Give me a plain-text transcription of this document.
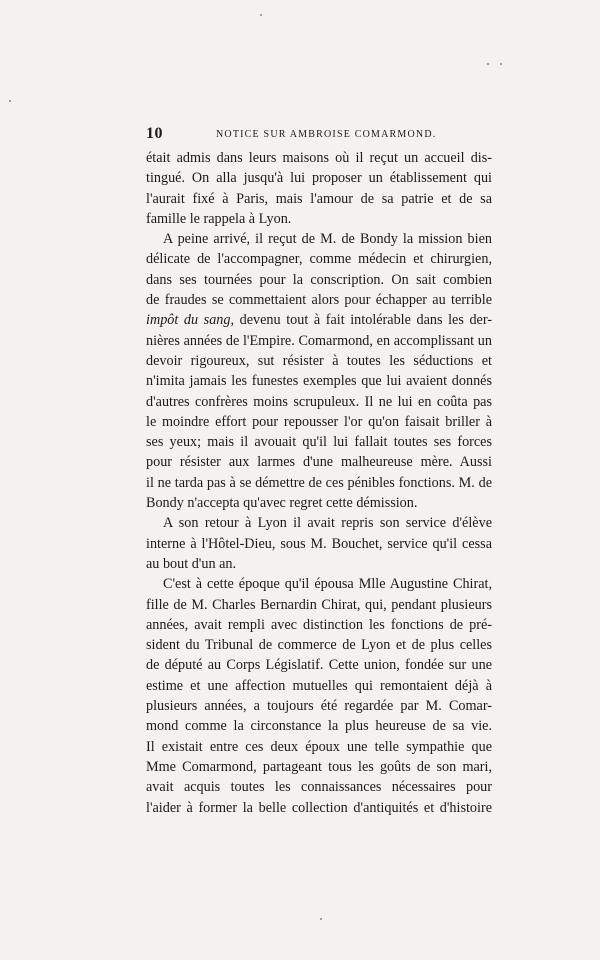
10	NOTICE SUR AMBROISE COMARMOND.
était admis dans leurs maisons où il reçut un accueil dis-
tingué. On alla jusqu'à lui proposer un établissement qui
l'aurait fixé à Paris, mais l'amour de sa patrie et de sa
famille le rappela à Lyon.
A peine arrivé, il reçut de M. de Bondy la mission bien
délicate de l'accompagner, comme médecin et chirurgien,
dans ses tournées pour la conscription. On sait combien
de fraudes se commettaient alors pour échapper au terrible
impôt du sang, devenu tout à fait intolérable dans les der-
nières années de l'Empire. Comarmond, en accomplissant un
devoir rigoureux, sut résister à toutes les séductions et
n'imita jamais les funestes exemples que lui avaient donnés
d'autres confrères moins scrupuleux. Il ne lui en coûta pas
le moindre effort pour repousser l'or qu'on faisait briller à
ses yeux; mais il avouait qu'il lui fallait toutes ses forces
pour résister aux larmes d'une malheureuse mère. Aussi
il ne tarda pas à se démettre de ces pénibles fonctions. M. de
Bondy n'accepta qu'avec regret cette démission.
A son retour à Lyon il avait repris son service d'élève
interne à l'Hôtel-Dieu, sous M. Bouchet, service qu'il cessa
au bout d'un an.
C'est à cette époque qu'il épousa Mlle Augustine Chirat,
fille de M. Charles Bernardin Chirat, qui, pendant plusieurs
années, avait rempli avec distinction les fonctions de pré-
sident du Tribunal de commerce de Lyon et de plus celles
de député au Corps Législatif. Cette union, fondée sur une
estime et une affection mutuelles qui remontaient déjà à
plusieurs années, a toujours été regardée par M. Comar-
mond comme la circonstance la plus heureuse de sa vie.
Il existait entre ces deux époux une telle sympathie que
Mme Comarmond, partageant tous les goûts de son mari,
avait acquis toutes les connaissances nécessaires pour
l'aider à former la belle collection d'antiquités et d'histoire
